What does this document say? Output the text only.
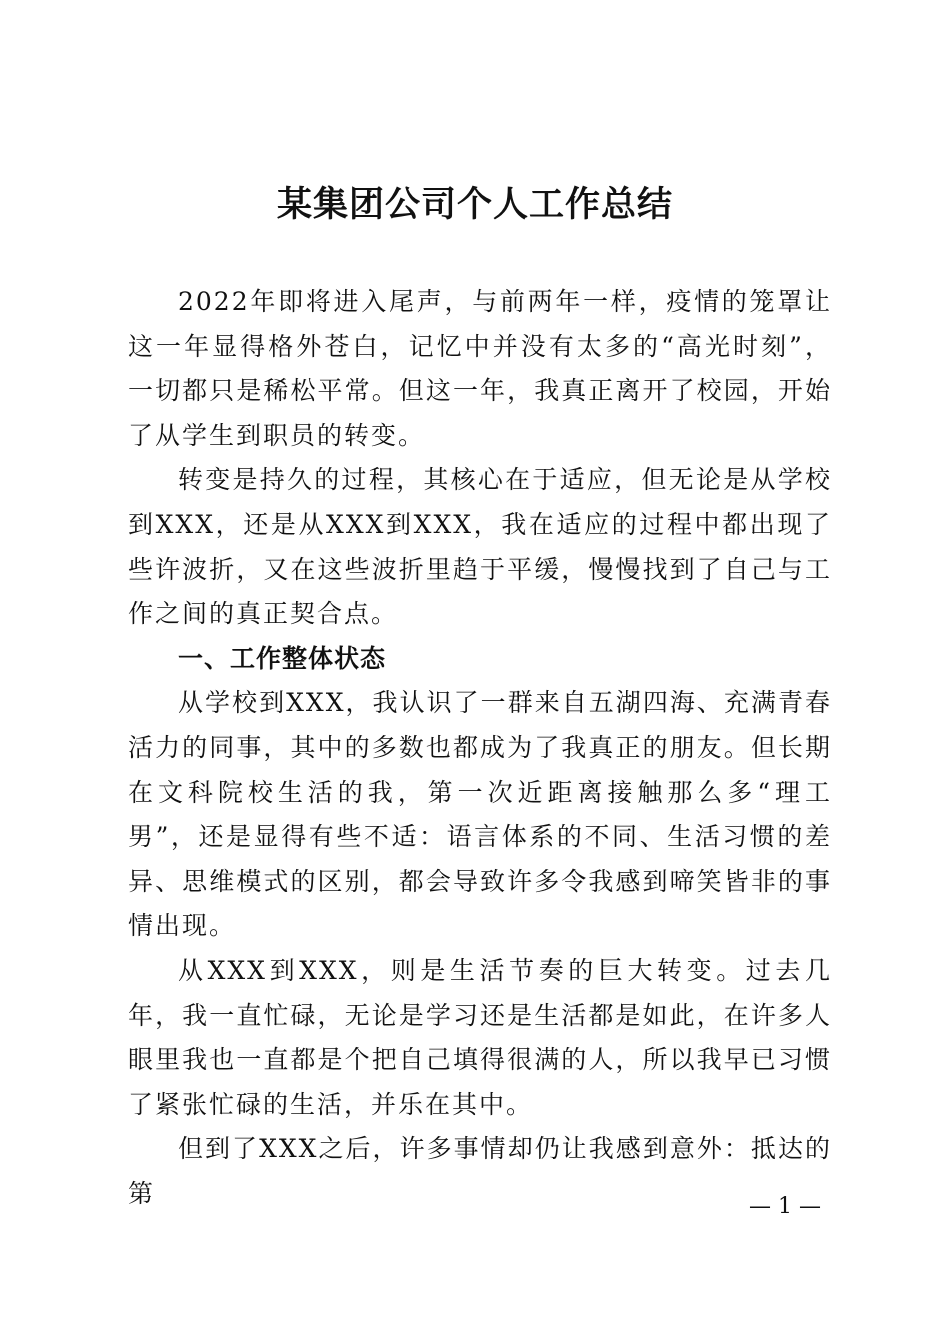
某集团公司个人工作总结

2022年即将进入尾声，与前两年一样，疫情的笼罩让这一年显得格外苍白，记忆中并没有太多的“高光时刻”，一切都只是稀松平常。但这一年，我真正离开了校园，开始了从学生到职员的转变。

转变是持久的过程，其核心在于适应，但无论是从学校到XXX，还是从XXX到XXX，我在适应的过程中都出现了些许波折，又在这些波折里趋于平缓，慢慢找到了自己与工作之间的真正契合点。

一、工作整体状态

从学校到XXX，我认识了一群来自五湖四海、充满青春活力的同事，其中的多数也都成为了我真正的朋友。但长期在文科院校生活的我，第一次近距离接触那么多“理工男”，还是显得有些不适：语言体系的不同、生活习惯的差异、思维模式的区别，都会导致许多令我感到啼笑皆非的事情出现。

从XXX到XXX，则是生活节奏的巨大转变。过去几年，我一直忙碌，无论是学习还是生活都是如此，在许多人眼里我也一直都是个把自己填得很满的人，所以我早已习惯了紧张忙碌的生活，并乐在其中。

但到了XXX之后，许多事情却仍让我感到意外：抵达的第	— 1 —
